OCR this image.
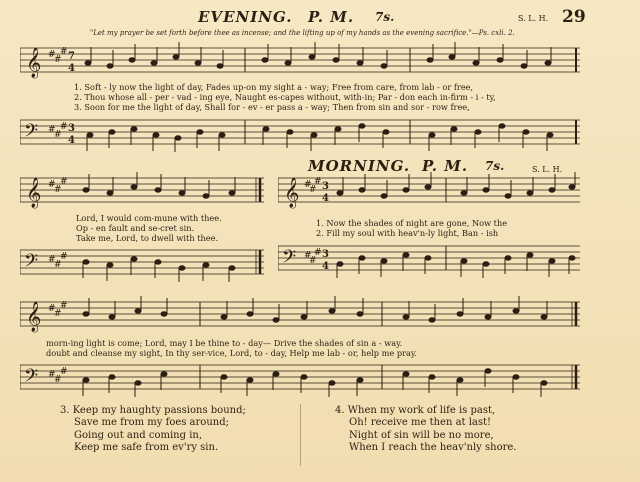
EVENING. P. M. 7s.	S. L. H. 29
"Let my prayer be set forth before thee as incense; and the lifting up of my hands as the evening sacrifice."—Ps. cxli. 2.
𝄞 #
#
# 7
4
1. Soft - ly now the light of day, Fades up-on my sight a - way; Free from care, from lab - or free,
2. Thou whose all - per - vad - ing eye, Naught es-capes without, with-in; Par - don each in-firm - i - ty,
3. Soon for me the light of day, Shall for - ev - er pass a - way; Then from sin and sor - row free,
𝄢 #
#
# 3
4
𝄞 #
#
#
Lord, I would com-mune with thee.
Op - en fault and se-cret sin.
Take me, Lord, to dwell with thee.
𝄢 #
#
#
MORNING. P. M. 7s.	S. L. H.
𝄞 #
#
# 3
4
1. Now the shades of night are gone, Now the
2. Fill my soul with heav'n-ly light, Ban - ish
𝄢 #
#
# 3
4
𝄞 #
#
#
morn-ing light is come; Lord, may I be thine to - day— Drive the shades of sin a - way.
doubt and cleanse my sight, In thy ser-vice, Lord, to - day, Help me lab - or, help me pray.
𝄢 #
#
#
3. Keep my haughty passions bound;
Save me from my foes around;
Going out and coming in,
Keep me safe from ev'ry sin.
4. When my work of life is past,
Oh! receive me then at last!
Night of sin will be no more,
When I reach the heav'nly shore.
